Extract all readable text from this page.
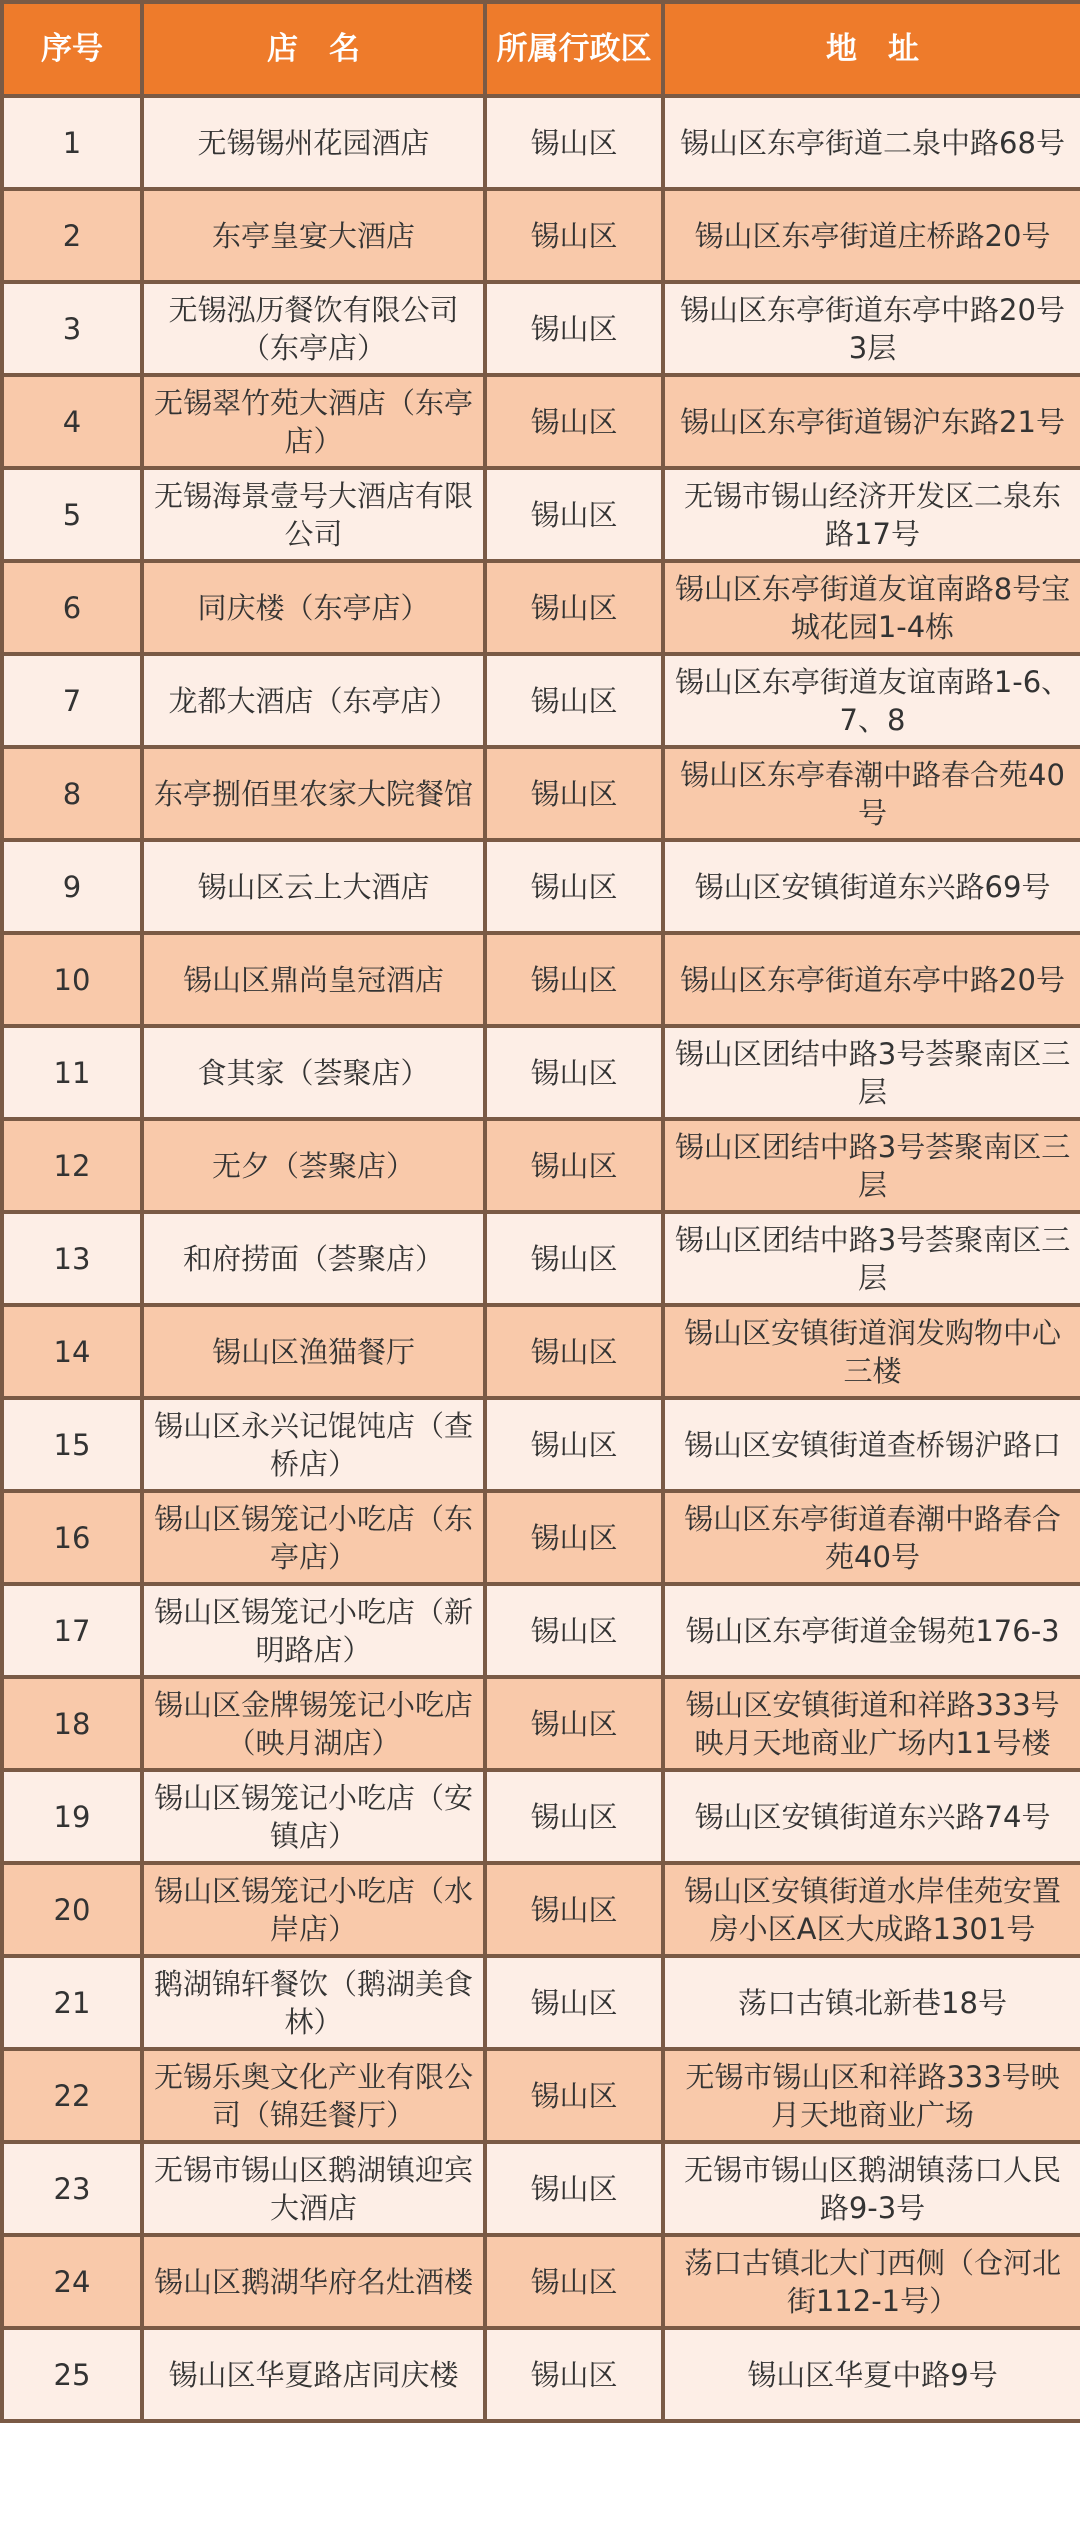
序号	店　名	所属行政区	地　址
1	无锡锡州花园酒店	锡山区	锡山区东亭街道二泉中路68号
2	东亭皇宴大酒店	锡山区	锡山区东亭街道庄桥路20号
3	无锡泓历餐饮有限公司（东亭店）	锡山区	锡山区东亭街道东亭中路20号3层
4	无锡翠竹苑大酒店（东亭店）	锡山区	锡山区东亭街道锡沪东路21号
5	无锡海景壹号大酒店有限公司	锡山区	无锡市锡山经济开发区二泉东路17号
6	同庆楼（东亭店）	锡山区	锡山区东亭街道友谊南路8号宝城花园1-4栋
7	龙都大酒店（东亭店）	锡山区	锡山区东亭街道友谊南路1-6、7、8
8	东亭捌佰里农家大院餐馆	锡山区	锡山区东亭春潮中路春合苑40号
9	锡山区云上大酒店	锡山区	锡山区安镇街道东兴路69号
10	锡山区鼎尚皇冠酒店	锡山区	锡山区东亭街道东亭中路20号
11	食其家（荟聚店）	锡山区	锡山区团结中路3号荟聚南区三层
12	无夕（荟聚店）	锡山区	锡山区团结中路3号荟聚南区三层
13	和府捞面（荟聚店）	锡山区	锡山区团结中路3号荟聚南区三层
14	锡山区渔猫餐厅	锡山区	锡山区安镇街道润发购物中心三楼
15	锡山区永兴记馄饨店（查桥店）	锡山区	锡山区安镇街道查桥锡沪路口
16	锡山区锡笼记小吃店（东亭店）	锡山区	锡山区东亭街道春潮中路春合苑40号
17	锡山区锡笼记小吃店（新明路店）	锡山区	锡山区东亭街道金锡苑176-3
18	锡山区金牌锡笼记小吃店（映月湖店）	锡山区	锡山区安镇街道和祥路333号映月天地商业广场内11号楼
19	锡山区锡笼记小吃店（安镇店）	锡山区	锡山区安镇街道东兴路74号
20	锡山区锡笼记小吃店（水岸店）	锡山区	锡山区安镇街道水岸佳苑安置房小区A区大成路1301号
21	鹅湖锦轩餐饮（鹅湖美食林）	锡山区	荡口古镇北新巷18号
22	无锡乐奥文化产业有限公司（锦廷餐厅）	锡山区	无锡市锡山区和祥路333号映月天地商业广场
23	无锡市锡山区鹅湖镇迎宾大酒店	锡山区	无锡市锡山区鹅湖镇荡口人民路9-3号
24	锡山区鹅湖华府名灶酒楼	锡山区	荡口古镇北大门西侧（仓河北街112-1号）
25	锡山区华夏路店同庆楼	锡山区	锡山区华夏中路9号
